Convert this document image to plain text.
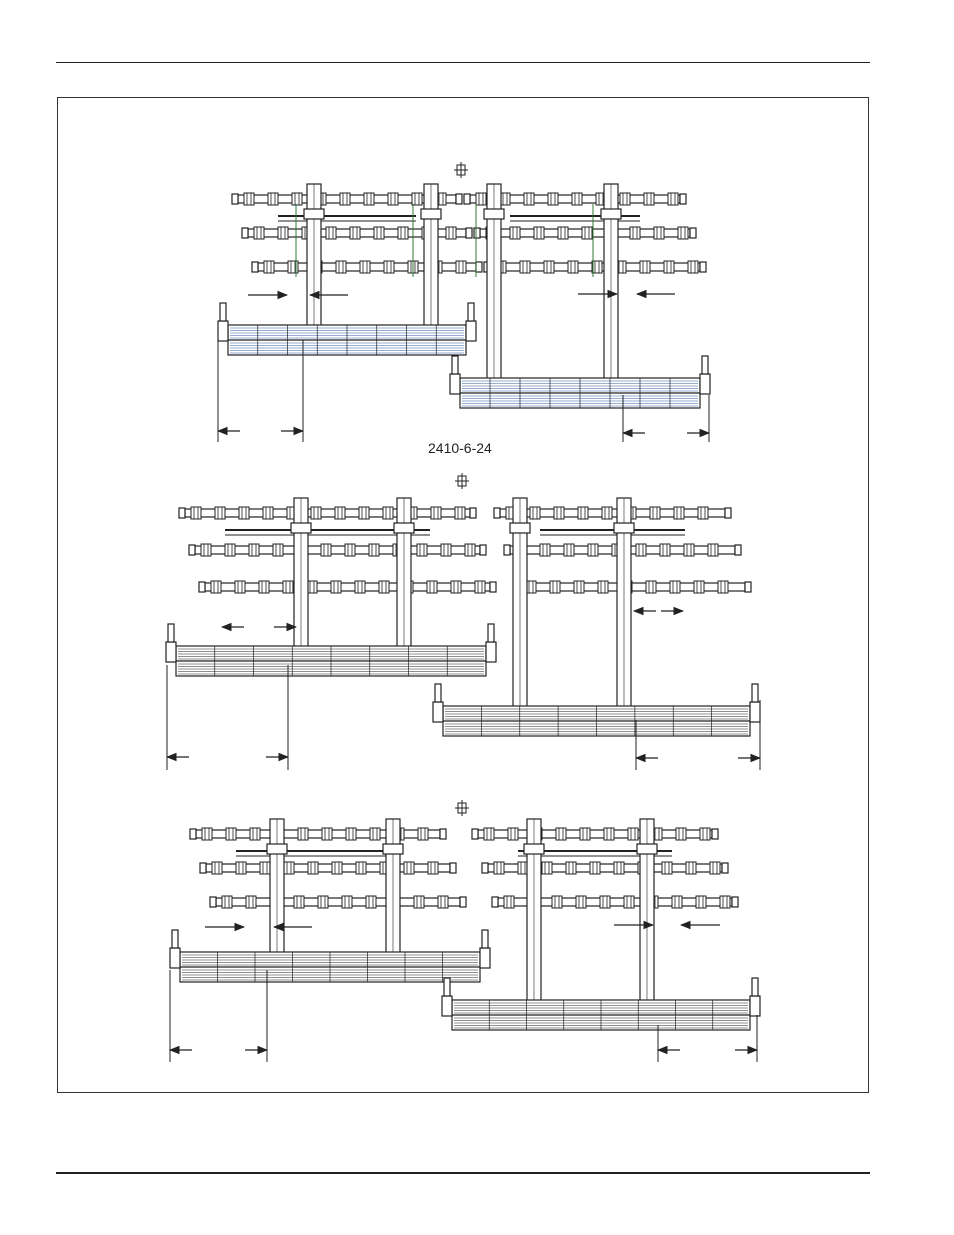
2410-6-24
